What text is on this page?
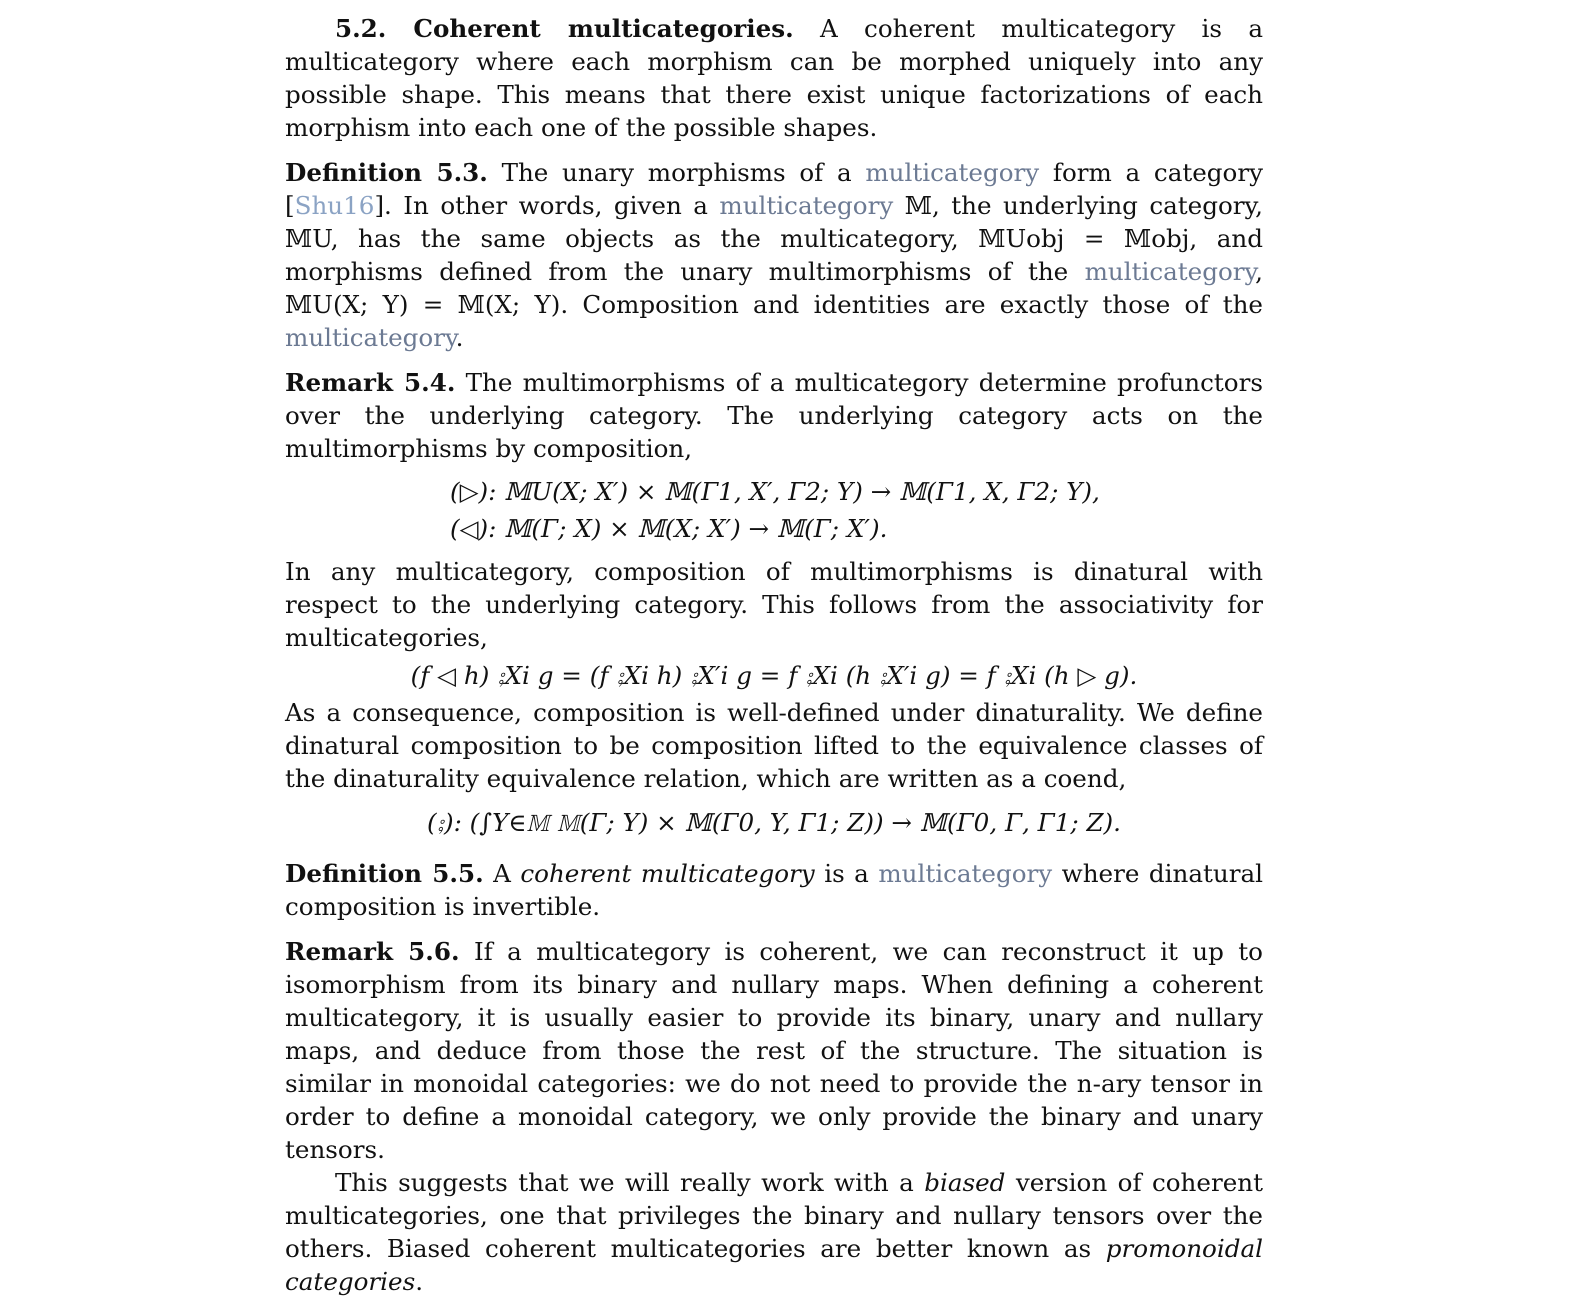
5.2. Coherent multicategories. A coherent multicategory is a multicategory where each morphism can be morphed uniquely into any possible shape. This means that there exist unique factorizations of each morphism into each one of the possible shapes.

Definition 5.3. The unary morphisms of a multicategory form a category [Shu16]. In other words, given a multicategory 𝕄, the underlying category, 𝕄U, has the same objects as the multicategory, 𝕄Uobj = 𝕄obj, and morphisms defined from the unary multimorphisms of the multicategory, 𝕄U(X; Y) = 𝕄(X; Y). Composition and identities are exactly those of the multicategory.

Remark 5.4. The multimorphisms of a multicategory determine profunctors over the underlying category. The underlying category acts on the multimorphisms by composition,

(▷): 𝕄U(X; X′) × 𝕄(Γ1, X′, Γ2; Y) → 𝕄(Γ1, X, Γ2; Y),
(◁): 𝕄(Γ; X) × 𝕄(X; X′) → 𝕄(Γ; X′).

In any multicategory, composition of multimorphisms is dinatural with respect to the underlying category. This follows from the associativity for multicategories,

(f ◁ h) ⨟Xi g = (f ⨟Xi h) ⨟X′i g = f ⨟Xi (h ⨟X′i g) = f ⨟Xi (h ▷ g).

As a consequence, composition is well-defined under dinaturality. We define dinatural composition to be composition lifted to the equivalence classes of the dinaturality equivalence relation, which are written as a coend,

(⨟): (∫Y∈𝕄 𝕄(Γ; Y) × 𝕄(Γ0, Y, Γ1; Z)) → 𝕄(Γ0, Γ, Γ1; Z).

Definition 5.5. A coherent multicategory is a multicategory where dinatural composition is invertible.

Remark 5.6. If a multicategory is coherent, we can reconstruct it up to isomorphism from its binary and nullary maps. When defining a coherent multicategory, it is usually easier to provide its binary, unary and nullary maps, and deduce from those the rest of the structure. The situation is similar in monoidal categories: we do not need to provide the n-ary tensor in order to define a monoidal category, we only provide the binary and unary tensors.

This suggests that we will really work with a biased version of coherent multicategories, one that privileges the binary and nullary tensors over the others. Biased coherent multicategories are better known as promonoidal categories.
